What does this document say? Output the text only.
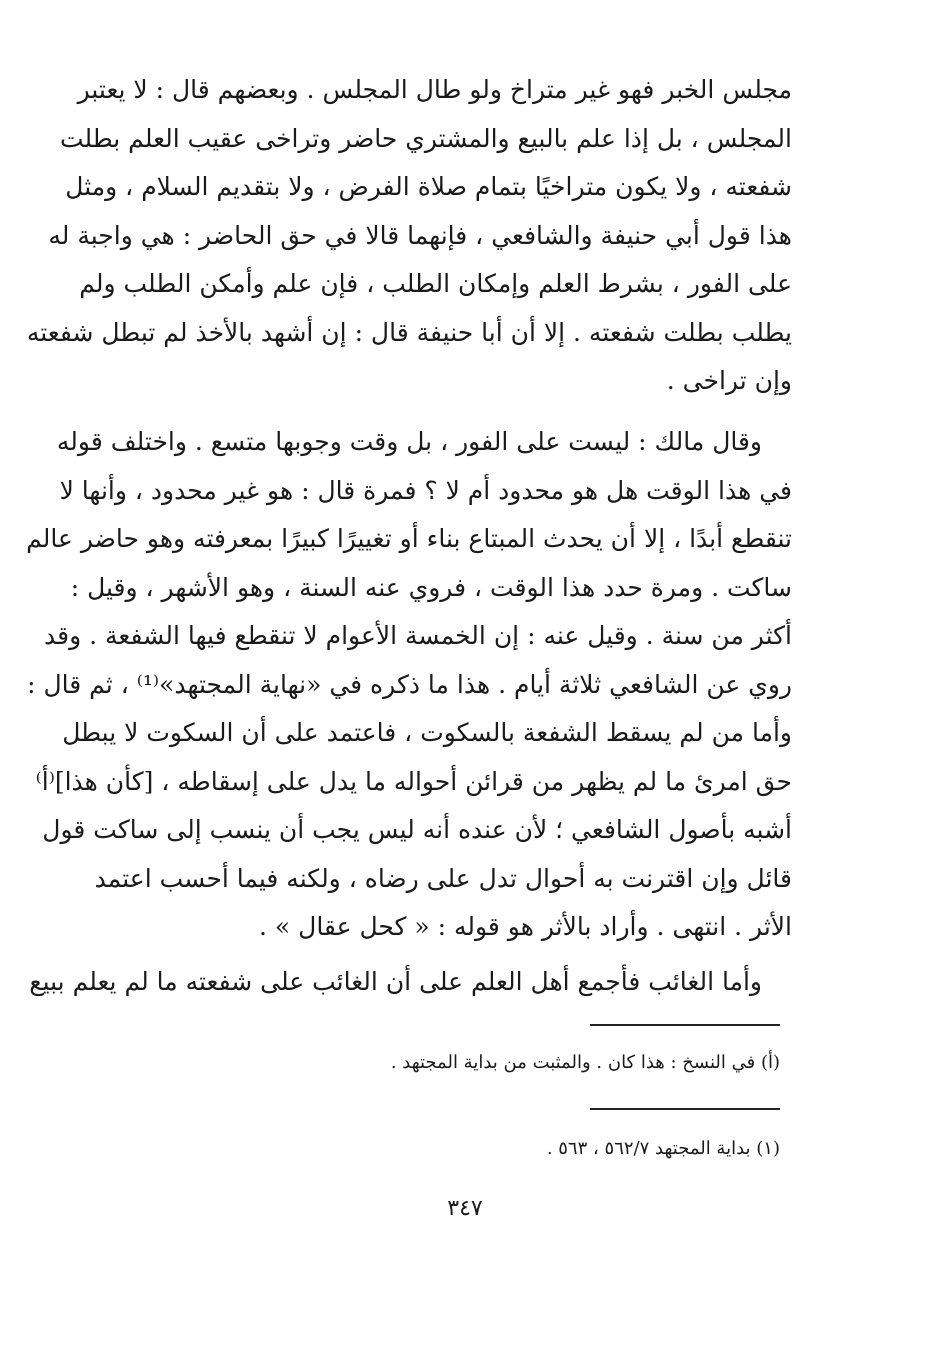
مجلس الخبر فهو غير متراخ ولو طال المجلس . وبعضهم قال : لا يعتبر
المجلس ، بل إذا علم بالبيع والمشتري حاضر وتراخى عقيب العلم بطلت
شفعته ، ولا يكون متراخيًا بتمام صلاة الفرض ، ولا بتقديم السلام ، ومثل
هذا قول أبي حنيفة والشافعي ، فإنهما قالا في حق الحاضر : هي واجبة له
على الفور ، بشرط العلم وإمكان الطلب ، فإن علم وأمكن الطلب ولم
يطلب بطلت شفعته . إلا أن أبا حنيفة قال : إن أشهد بالأخذ لم تبطل شفعته
وإن تراخى .
وقال مالك : ليست على الفور ، بل وقت وجوبها متسع . واختلف قوله
في هذا الوقت هل هو محدود أم لا ؟ فمرة قال : هو غير محدود ، وأنها لا
تنقطع أبدًا ، إلا أن يحدث المبتاع بناء أو تغييرًا كبيرًا بمعرفته وهو حاضر عالم
ساكت . ومرة حدد هذا الوقت ، فروي عنه السنة ، وهو الأشهر ، وقيل :
أكثر من سنة . وقيل عنه : إن الخمسة الأعوام لا تنقطع فيها الشفعة . وقد
روي عن الشافعي ثلاثة أيام . هذا ما ذكره في «نهاية المجتهد»⁽¹⁾ ، ثم قال :
وأما من لم يسقط الشفعة بالسكوت ، فاعتمد على أن السكوت لا يبطل
حق امرئ ما لم يظهر من قرائن أحواله ما يدل على إسقاطه ، [كأن هذا]⁽أ⁾
أشبه بأصول الشافعي ؛ لأن عنده أنه ليس يجب أن ينسب إلى ساكت قول
قائل وإن اقترنت به أحوال تدل على رضاه ، ولكنه فيما أحسب اعتمد
الأثر . انتهى . وأراد بالأثر هو قوله : « كحل عقال » .
وأما الغائب فأجمع أهل العلم على أن الغائب على شفعته ما لم يعلم ببيع
(أ) في النسخ : هذا كان . والمثبت من بداية المجتهد .
(١) بداية المجتهد ٥٦٢/٧ ، ٥٦٣ .
٣٤٧
